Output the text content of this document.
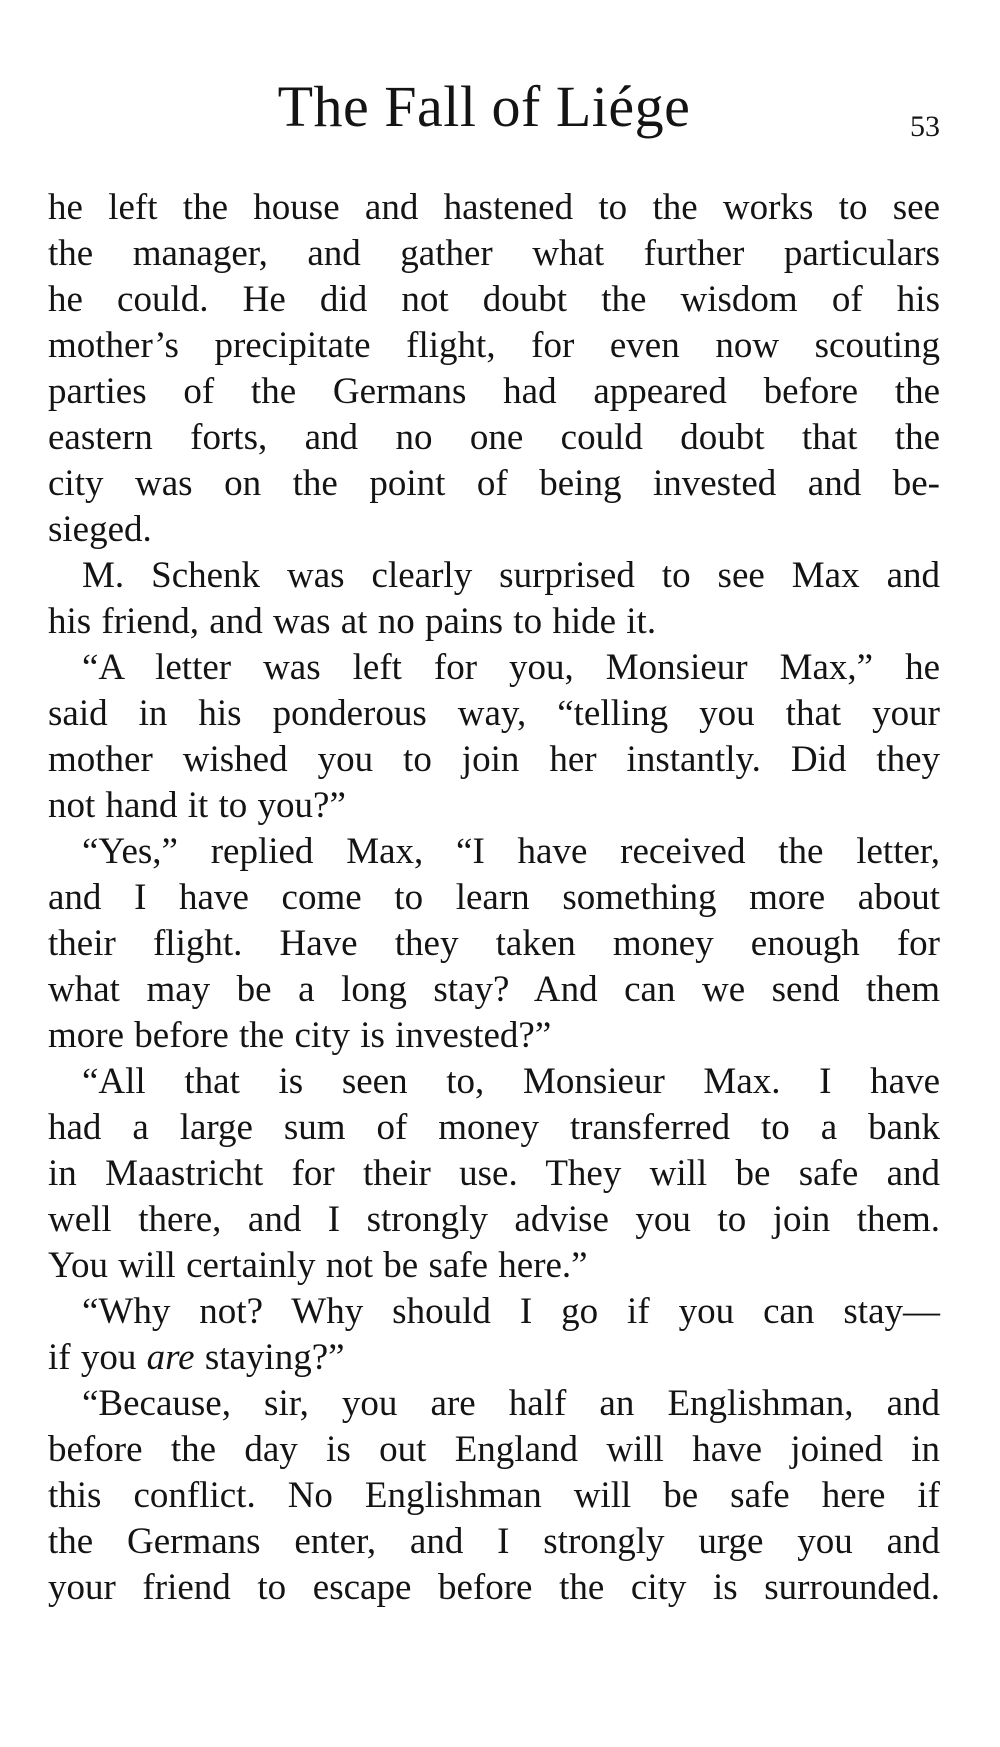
The Fall of Liége	53

he left the house and hastened to the works to see
the manager, and gather what further particulars
he could. He did not doubt the wisdom of his
mother’s precipitate flight, for even now scouting
parties of the Germans had appeared before the
eastern forts, and no one could doubt that the
city was on the point of being invested and be-
sieged.

M. Schenk was clearly surprised to see Max and
his friend, and was at no pains to hide it.

“A letter was left for you, Monsieur Max,” he
said in his ponderous way, “telling you that your
mother wished you to join her instantly. Did they
not hand it to you?”

“Yes,” replied Max, “I have received the letter,
and I have come to learn something more about
their flight. Have they taken money enough for
what may be a long stay? And can we send them
more before the city is invested?”

“All that is seen to, Monsieur Max. I have
had a large sum of money transferred to a bank
in Maastricht for their use. They will be safe and
well there, and I strongly advise you to join them.
You will certainly not be safe here.”

“Why not? Why should I go if you can stay—
if you are staying?”

“Because, sir, you are half an Englishman, and
before the day is out England will have joined in
this conflict. No Englishman will be safe here if
the Germans enter, and I strongly urge you and
your friend to escape before the city is surrounded.
